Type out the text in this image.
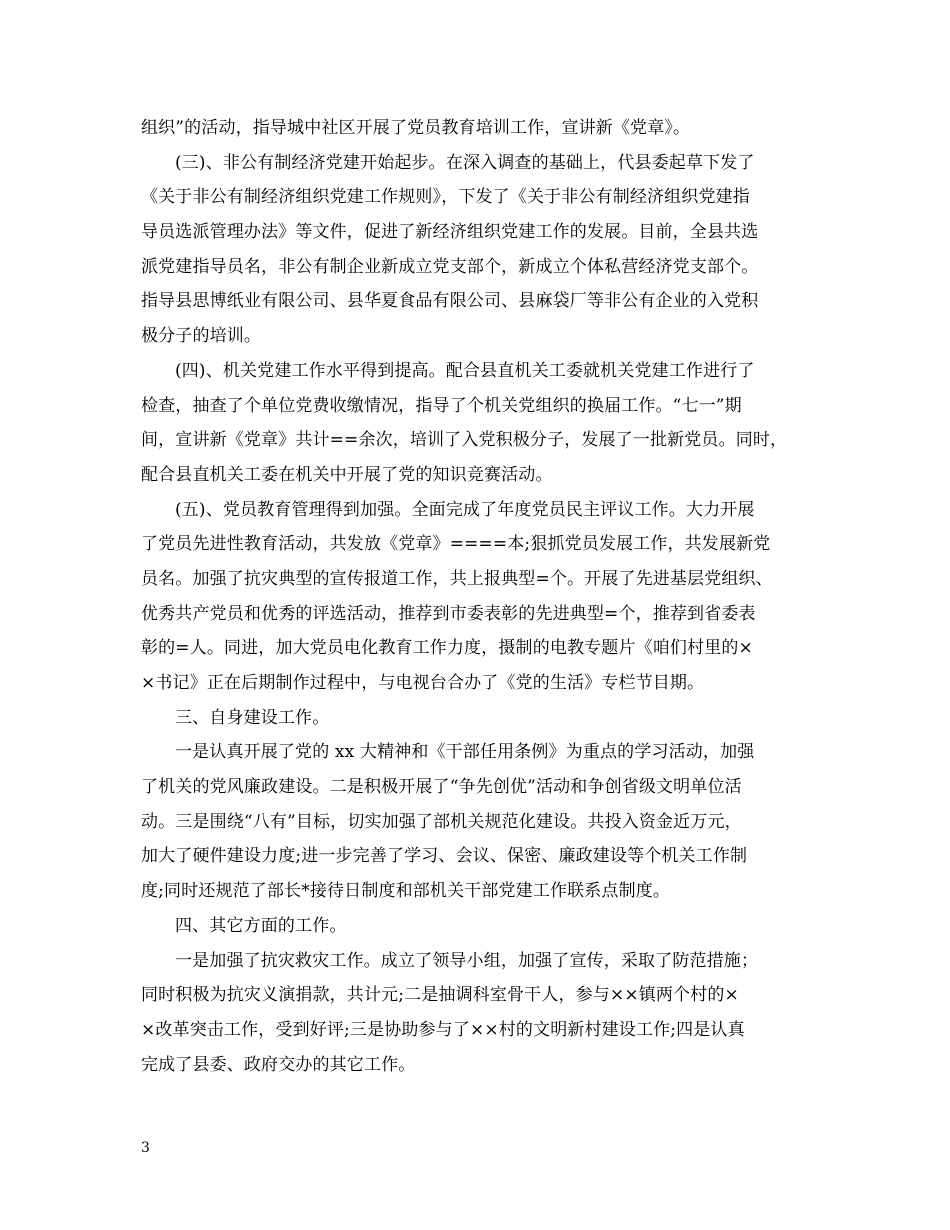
组织”的活动，指导城中社区开展了党员教育培训工作，宣讲新《党章》。
(三)、非公有制经济党建开始起步。在深入调查的基础上，代县委起草下发了
《关于非公有制经济组织党建工作规则》，下发了《关于非公有制经济组织党建指
导员选派管理办法》等文件，促进了新经济组织党建工作的发展。目前，全县共选
派党建指导员名，非公有制企业新成立党支部个，新成立个体私营经济党支部个。
指导县思博纸业有限公司、县华夏食品有限公司、县麻袋厂等非公有企业的入党积
极分子的培训。
(四)、机关党建工作水平得到提高。配合县直机关工委就机关党建工作进行了
检查，抽查了个单位党费收缴情况，指导了个机关党组织的换届工作。“七一”期
间，宣讲新《党章》共计==余次，培训了入党积极分子，发展了一批新党员。同时，
配合县直机关工委在机关中开展了党的知识竞赛活动。
(五)、党员教育管理得到加强。全面完成了年度党员民主评议工作。大力开展
了党员先进性教育活动，共发放《党章》====本;狠抓党员发展工作，共发展新党
员名。加强了抗灾典型的宣传报道工作，共上报典型=个。开展了先进基层党组织、
优秀共产党员和优秀的评选活动，推荐到市委表彰的先进典型=个，推荐到省委表
彰的=人。同进，加大党员电化教育工作力度，摄制的电教专题片《咱们村里的×
×书记》正在后期制作过程中，与电视台合办了《党的生活》专栏节目期。
三、自身建设工作。
一是认真开展了党的 xx 大精神和《干部任用条例》为重点的学习活动，加强
了机关的党风廉政建设。二是积极开展了“争先创优”活动和争创省级文明单位活
动。三是围绕“八有”目标，切实加强了部机关规范化建设。共投入资金近万元，
加大了硬件建设力度;进一步完善了学习、会议、保密、廉政建设等个机关工作制
度;同时还规范了部长*接待日制度和部机关干部党建工作联系点制度。
四、其它方面的工作。
一是加强了抗灾救灾工作。成立了领导小组，加强了宣传，采取了防范措施；
同时积极为抗灾义演捐款，共计元;二是抽调科室骨干人，参与××镇两个村的×
×改革突击工作，受到好评;三是协助参与了××村的文明新村建设工作;四是认真
完成了县委、政府交办的其它工作。
3
